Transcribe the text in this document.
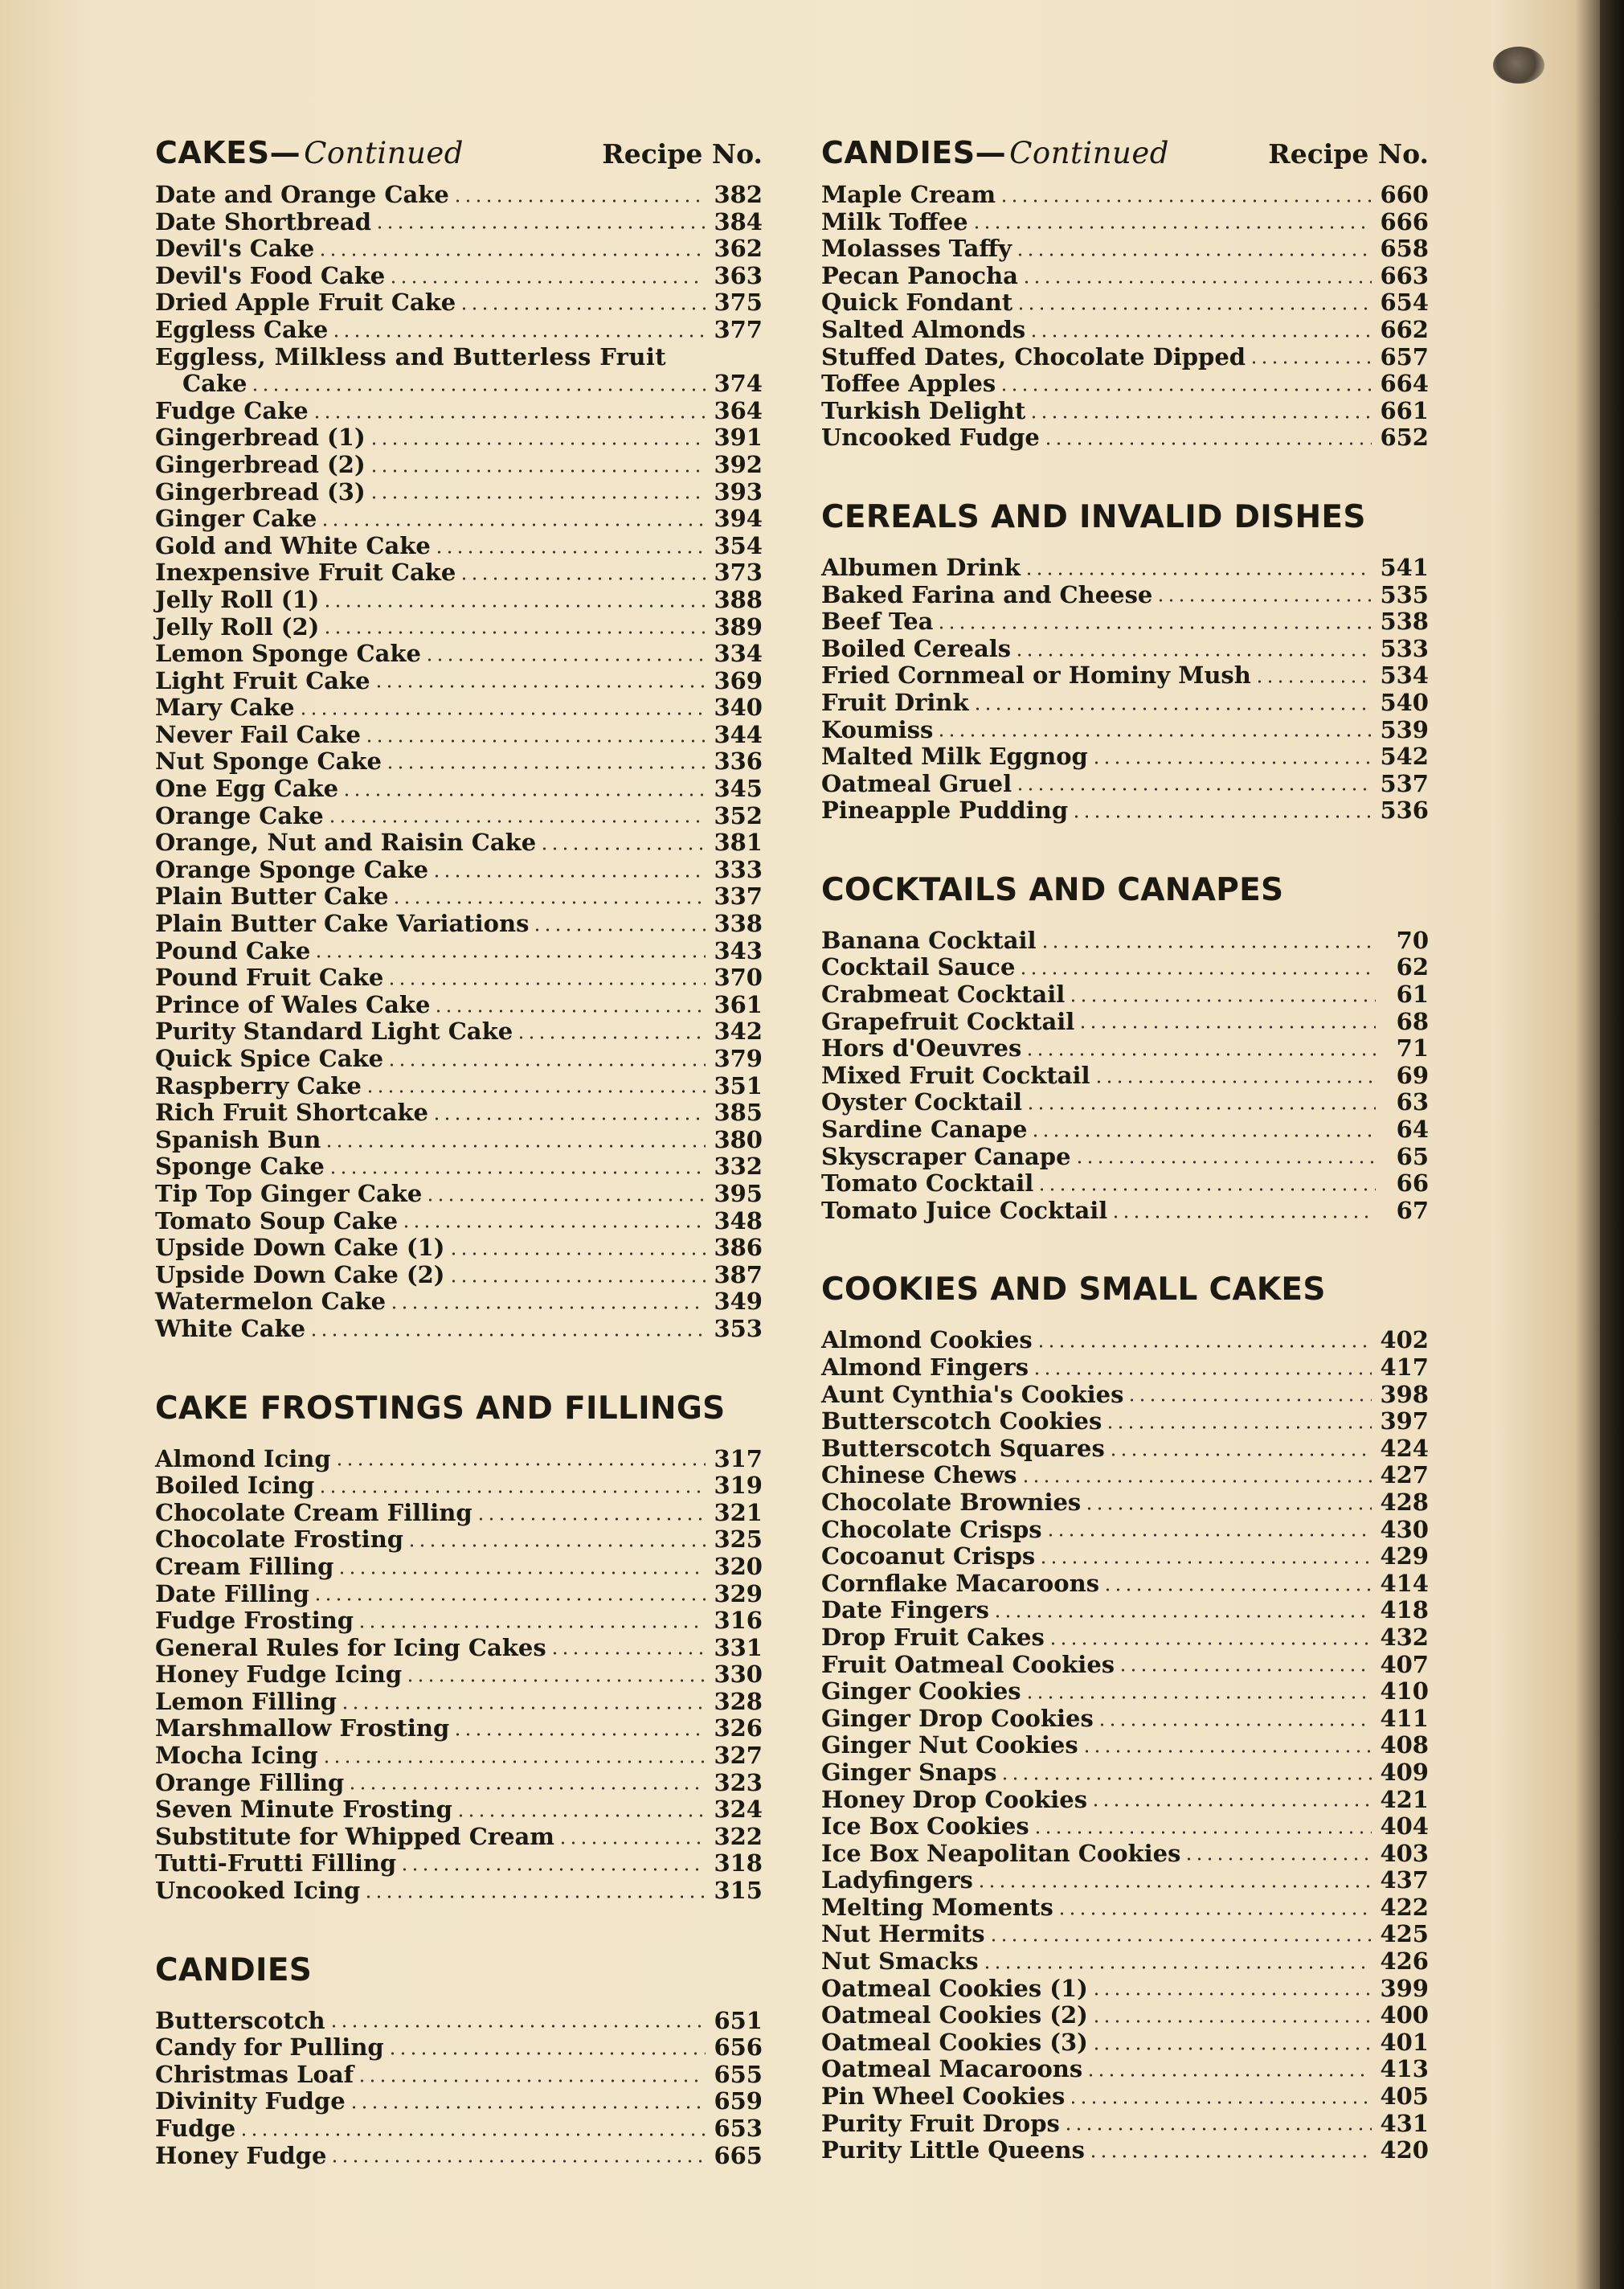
CAKES— Continued	Recipe No.
Date and Orange Cake	382
Date Shortbread	384
Devil's Cake	362
Devil's Food Cake	363
Dried Apple Fruit Cake	375
Eggless Cake	377
Eggless, Milkless and Butterless Fruit
Cake	374
Fudge Cake	364
Gingerbread (1)	391
Gingerbread (2)	392
Gingerbread (3)	393
Ginger Cake	394
Gold and White Cake	354
Inexpensive Fruit Cake	373
Jelly Roll (1)	388
Jelly Roll (2)	389
Lemon Sponge Cake	334
Light Fruit Cake	369
Mary Cake	340
Never Fail Cake	344
Nut Sponge Cake	336
One Egg Cake	345
Orange Cake	352
Orange, Nut and Raisin Cake	381
Orange Sponge Cake	333
Plain Butter Cake	337
Plain Butter Cake Variations	338
Pound Cake	343
Pound Fruit Cake	370
Prince of Wales Cake	361
Purity Standard Light Cake	342
Quick Spice Cake	379
Raspberry Cake	351
Rich Fruit Shortcake	385
Spanish Bun	380
Sponge Cake	332
Tip Top Ginger Cake	395
Tomato Soup Cake	348
Upside Down Cake (1)	386
Upside Down Cake (2)	387
Watermelon Cake	349
White Cake	353
CAKE FROSTINGS AND FILLINGS
Almond Icing	317
Boiled Icing	319
Chocolate Cream Filling	321
Chocolate Frosting	325
Cream Filling	320
Date Filling	329
Fudge Frosting	316
General Rules for Icing Cakes	331
Honey Fudge Icing	330
Lemon Filling	328
Marshmallow Frosting	326
Mocha Icing	327
Orange Filling	323
Seven Minute Frosting	324
Substitute for Whipped Cream	322
Tutti-Frutti Filling	318
Uncooked Icing	315
CANDIES
Butterscotch	651
Candy for Pulling	656
Christmas Loaf	655
Divinity Fudge	659
Fudge	653
Honey Fudge	665
CANDIES— Continued	Recipe No.
Maple Cream	660
Milk Toffee	666
Molasses Taffy	658
Pecan Panocha	663
Quick Fondant	654
Salted Almonds	662
Stuffed Dates, Chocolate Dipped	657
Toffee Apples	664
Turkish Delight	661
Uncooked Fudge	652
CEREALS AND INVALID DISHES
Albumen Drink	541
Baked Farina and Cheese	535
Beef Tea	538
Boiled Cereals	533
Fried Cornmeal or Hominy Mush	534
Fruit Drink	540
Koumiss	539
Malted Milk Eggnog	542
Oatmeal Gruel	537
Pineapple Pudding	536
COCKTAILS AND CANAPES
Banana Cocktail	70
Cocktail Sauce	62
Crabmeat Cocktail	61
Grapefruit Cocktail	68
Hors d'Oeuvres	71
Mixed Fruit Cocktail	69
Oyster Cocktail	63
Sardine Canape	64
Skyscraper Canape	65
Tomato Cocktail	66
Tomato Juice Cocktail	67
COOKIES AND SMALL CAKES
Almond Cookies	402
Almond Fingers	417
Aunt Cynthia's Cookies	398
Butterscotch Cookies	397
Butterscotch Squares	424
Chinese Chews	427
Chocolate Brownies	428
Chocolate Crisps	430
Cocoanut Crisps	429
Cornflake Macaroons	414
Date Fingers	418
Drop Fruit Cakes	432
Fruit Oatmeal Cookies	407
Ginger Cookies	410
Ginger Drop Cookies	411
Ginger Nut Cookies	408
Ginger Snaps	409
Honey Drop Cookies	421
Ice Box Cookies	404
Ice Box Neapolitan Cookies	403
Ladyfingers	437
Melting Moments	422
Nut Hermits	425
Nut Smacks	426
Oatmeal Cookies (1)	399
Oatmeal Cookies (2)	400
Oatmeal Cookies (3)	401
Oatmeal Macaroons	413
Pin Wheel Cookies	405
Purity Fruit Drops	431
Purity Little Queens	420
